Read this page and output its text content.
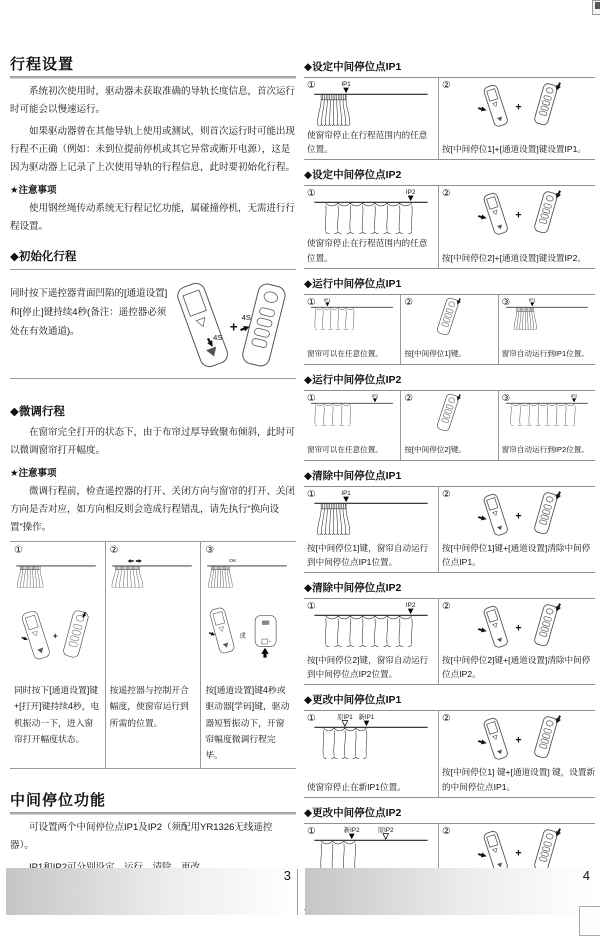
行程设置

系统初次使用时，驱动器未获取准确的导轨长度信息，首次运行时可能会以慢速运行。

如果驱动器曾在其他导轨上使用或测试，则首次运行时可能出现行程不正确（例如：未到位提前停机或其它异常或断开电源），这是因为驱动器上记录了上次使用导轨的行程信息，此时要初始化行程。

★注意事项

使用钢丝绳传动系统无行程记忆功能，属碰撞停机，无需进行行程设置。

◆初始化行程

同时按下遥控器背面凹陷的[通道设置]和[停止]键持续4秒(备注：遥控器必须处在有效通道)。

4S
+
4S
◆微调行程

在窗帘完全打开的状态下，由于布帘过厚导致聚布倾斜，此时可以微调窗帘打开幅度。

★注意事项

微调行程前，检查遥控器的打开、关闭方向与窗帘的打开、关闭方向是否对应，如方向相反则会造成行程错乱，请先执行“换向设置”操作。

①
+
同时按下[通道设置]键+[打开]键持续4秒，电机振动一下，进入窗帘打开幅度状态。
②
按遥控器与控制开合幅度，使窗帘运行到所需的位置。
③
OK
或
按[通道设置]键4秒或驱动器[学码]键，驱动器短暂振动下，开窗帘幅度微调行程完毕。
中间停位功能

可设置两个中间停位点IP1及IP2（须配用YR1326无线遥控器）。

◆设定中间停位点IP1
①	IP1
使窗帘停止在行程范围内的任意位置。
②
+
按[中间停位1]+[通道设置]键设置IP1。
◆设定中间停位点IP2
①	IP2
使窗帘停止在行程范围内的任意位置。
②
+
按[中间停位2]+[通道设置]键设置IP2。
◆运行中间停位点IP1
① IP1
窗帘可以在任意位置。
②
按[中间停位1]键。
③ IP1
窗帘自动运行到IP1位置。
◆运行中间停位点IP2
①	IP2
窗帘可以在任意位置。
②
按[中间停位2]键。
③	IP2
窗帘自动运行到IP2位置。
◆清除中间停位点IP1
①	IP1
按[中间停位1]键，窗帘自动运行到中间停位点IP1位置。
②
+
按[中间停位1]键+[通道设置]清除中间停位点IP1。
◆清除中间停位点IP2
①	IP2
按[中间停位2]键，窗帘自动运行到中间停位点IP2位置。
②
+
按[中间停位2]键+[通道设置]清除中间停位点IP2。
◆更改中间停位点IP1
①	原IP1 新IP1
使窗帘停止在新IP1位置。
②
+
按[中间停位1] 键+[通道设置] 键，设置新的中间停位点IP1。
◆更改中间停位点IP2
①	新IP2 原IP2	②
+
3	4
